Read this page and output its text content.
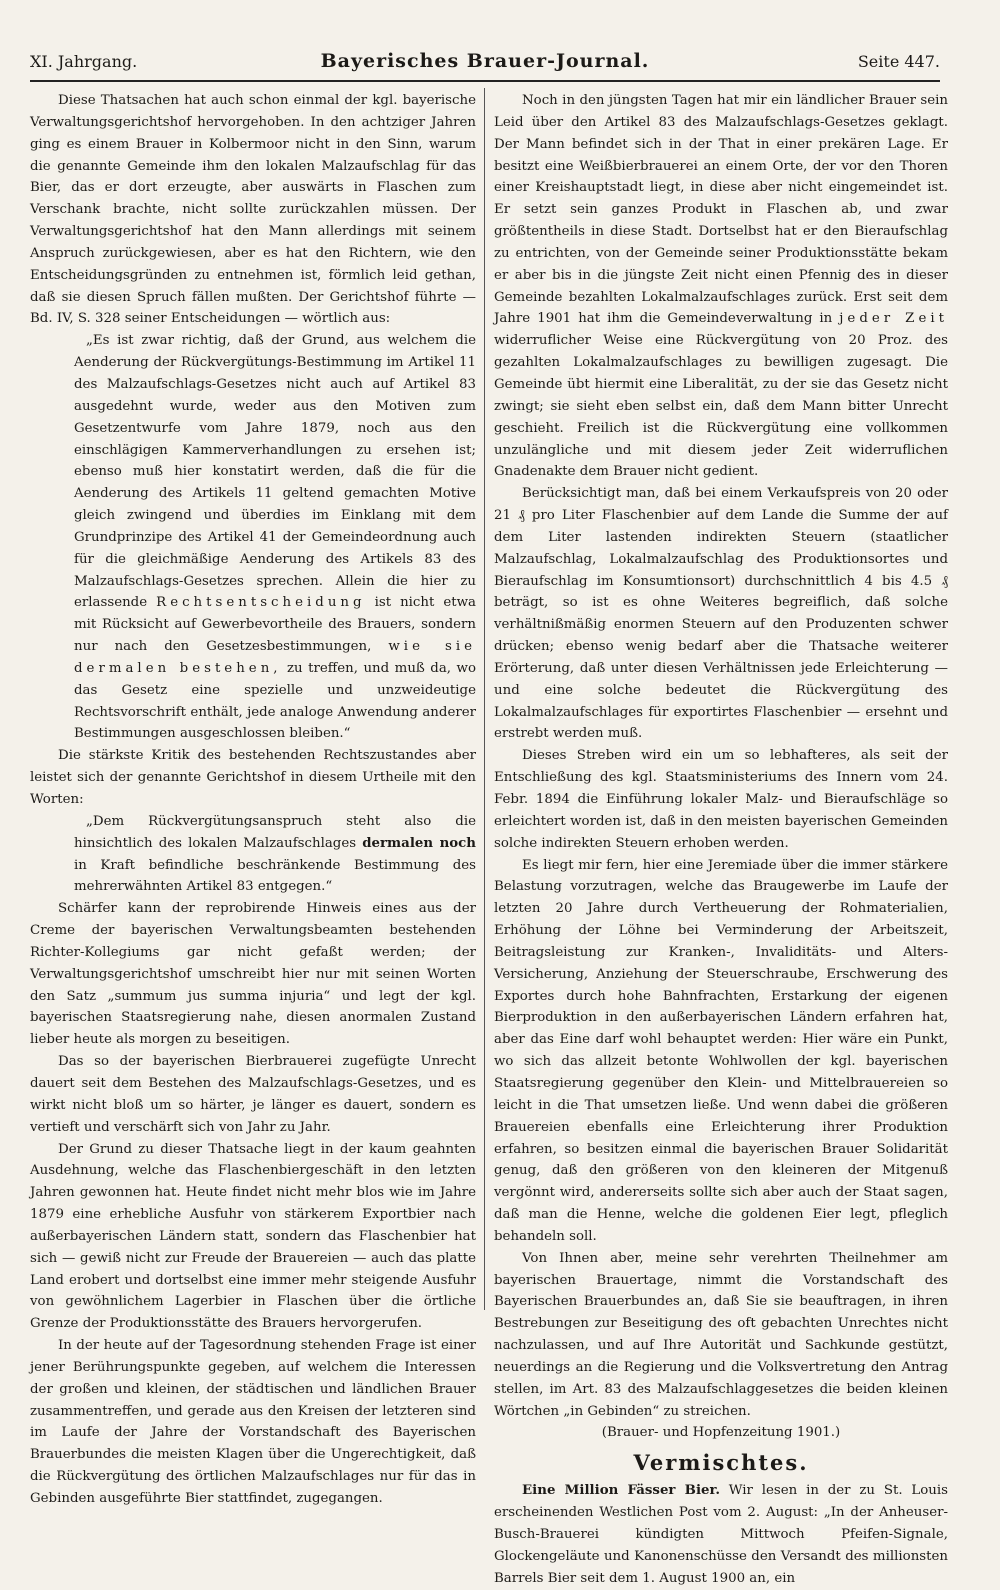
XI. Jahrgang.	Bayerisches Brauer-Journal.	Seite 447.

Diese Thatsachen hat auch schon einmal der kgl. bayerische Verwaltungsgerichtshof hervorgehoben. In den achtziger Jahren ging es einem Brauer in Kolbermoor nicht in den Sinn, warum die genannte Gemeinde ihm den lokalen Malzaufschlag für das Bier, das er dort erzeugte, aber auswärts in Flaschen zum Verschank brachte, nicht sollte zurückzahlen müssen. Der Verwaltungsgerichtshof hat den Mann allerdings mit seinem Anspruch zurückgewiesen, aber es hat den Richtern, wie den Entscheidungsgründen zu entnehmen ist, förmlich leid gethan, daß sie diesen Spruch fällen mußten. Der Gerichtshof führte — Bd. IV, S. 328 seiner Entscheidungen — wörtlich aus:

„Es ist zwar richtig, daß der Grund, aus welchem die Aenderung der Rückvergütungs-Bestimmung im Artikel 11 des Malzaufschlags-Gesetzes nicht auch auf Artikel 83 ausgedehnt wurde, weder aus den Motiven zum Gesetzentwurfe vom Jahre 1879, noch aus den einschlägigen Kammerverhandlungen zu ersehen ist; ebenso muß hier konstatirt werden, daß die für die Aenderung des Artikels 11 geltend gemachten Motive gleich zwingend und überdies im Einklang mit dem Grundprinzipe des Artikel 41 der Gemeindeordnung auch für die gleichmäßige Aenderung des Artikels 83 des Malzaufschlags-Gesetzes sprechen. Allein die hier zu erlassende Rechtsentscheidung ist nicht etwa mit Rücksicht auf Gewerbevortheile des Brauers, sondern nur nach den Gesetzesbestimmungen, wie sie dermalen bestehen, zu treffen, und muß da, wo das Gesetz eine spezielle und unzweideutige Rechtsvorschrift enthält, jede analoge Anwendung anderer Bestimmungen ausgeschlossen bleiben.“

Die stärkste Kritik des bestehenden Rechtszustandes aber leistet sich der genannte Gerichtshof in diesem Urtheile mit den Worten:

„Dem Rückvergütungsanspruch steht also die hinsichtlich des lokalen Malzaufschlages dermalen noch in Kraft befindliche beschränkende Bestimmung des mehrerwähnten Artikel 83 entgegen.“

Schärfer kann der reprobirende Hinweis eines aus der Creme der bayerischen Verwaltungsbeamten bestehenden Richter-Kollegiums gar nicht gefaßt werden; der Verwaltungsgerichtshof umschreibt hier nur mit seinen Worten den Satz „summum jus summa injuria“ und legt der kgl. bayerischen Staatsregierung nahe, diesen anormalen Zustand lieber heute als morgen zu beseitigen.

Das so der bayerischen Bierbrauerei zugefügte Unrecht dauert seit dem Bestehen des Malzaufschlags-Gesetzes, und es wirkt nicht bloß um so härter, je länger es dauert, sondern es vertieft und verschärft sich von Jahr zu Jahr.

Der Grund zu dieser Thatsache liegt in der kaum geahnten Ausdehnung, welche das Flaschenbiergeschäft in den letzten Jahren gewonnen hat. Heute findet nicht mehr blos wie im Jahre 1879 eine erhebliche Ausfuhr von stärkerem Exportbier nach außerbayerischen Ländern statt, sondern das Flaschenbier hat sich — gewiß nicht zur Freude der Brauereien — auch das platte Land erobert und dortselbst eine immer mehr steigende Ausfuhr von gewöhnlichem Lagerbier in Flaschen über die örtliche Grenze der Produktionsstätte des Brauers hervorgerufen.

In der heute auf der Tagesordnung stehenden Frage ist einer jener Berührungspunkte gegeben, auf welchem die Interessen der großen und kleinen, der städtischen und ländlichen Brauer zusammentreffen, und gerade aus den Kreisen der letzteren sind im Laufe der Jahre der Vorstandschaft des Bayerischen Brauerbundes die meisten Klagen über die Ungerechtigkeit, daß die Rückvergütung des örtlichen Malzaufschlages nur für das in Gebinden ausgeführte Bier stattfindet, zugegangen.

Noch in den jüngsten Tagen hat mir ein ländlicher Brauer sein Leid über den Artikel 83 des Malzaufschlags-Gesetzes geklagt. Der Mann befindet sich in der That in einer prekären Lage. Er besitzt eine Weißbierbrauerei an einem Orte, der vor den Thoren einer Kreishauptstadt liegt, in diese aber nicht eingemeindet ist. Er setzt sein ganzes Produkt in Flaschen ab, und zwar größtentheils in diese Stadt. Dortselbst hat er den Bieraufschlag zu entrichten, von der Gemeinde seiner Produktionsstätte bekam er aber bis in die jüngste Zeit nicht einen Pfennig des in dieser Gemeinde bezahlten Lokalmalzaufschlages zurück. Erst seit dem Jahre 1901 hat ihm die Gemeindeverwaltung in jeder Zeit widerruflicher Weise eine Rückvergütung von 20 Proz. des gezahlten Lokalmalzaufschlages zu bewilligen zugesagt. Die Gemeinde übt hiermit eine Liberalität, zu der sie das Gesetz nicht zwingt; sie sieht eben selbst ein, daß dem Mann bitter Unrecht geschieht. Freilich ist die Rückvergütung eine vollkommen unzulängliche und mit diesem jeder Zeit widerruflichen Gnadenakte dem Brauer nicht gedient.

Berücksichtigt man, daß bei einem Verkaufspreis von 20 oder 21 ₰ pro Liter Flaschenbier auf dem Lande die Summe der auf dem Liter lastenden indirekten Steuern (staatlicher Malzaufschlag, Lokalmalzaufschlag des Produktionsortes und Bieraufschlag im Konsumtionsort) durchschnittlich 4 bis 4.5 ₰ beträgt, so ist es ohne Weiteres begreiflich, daß solche verhältnißmäßig enormen Steuern auf den Produzenten schwer drücken; ebenso wenig bedarf aber die Thatsache weiterer Erörterung, daß unter diesen Verhältnissen jede Erleichterung — und eine solche bedeutet die Rückvergütung des Lokalmalzaufschlages für exportirtes Flaschenbier — ersehnt und erstrebt werden muß.

Dieses Streben wird ein um so lebhafteres, als seit der Entschließung des kgl. Staatsministeriums des Innern vom 24. Febr. 1894 die Einführung lokaler Malz- und Bieraufschläge so erleichtert worden ist, daß in den meisten bayerischen Gemeinden solche indirekten Steuern erhoben werden.

Es liegt mir fern, hier eine Jeremiade über die immer stärkere Belastung vorzutragen, welche das Braugewerbe im Laufe der letzten 20 Jahre durch Vertheuerung der Rohmaterialien, Erhöhung der Löhne bei Verminderung der Arbeitszeit, Beitragsleistung zur Kranken-, Invaliditäts- und Alters-Versicherung, Anziehung der Steuerschraube, Erschwerung des Exportes durch hohe Bahnfrachten, Erstarkung der eigenen Bierproduktion in den außerbayerischen Ländern erfahren hat, aber das Eine darf wohl behauptet werden: Hier wäre ein Punkt, wo sich das allzeit betonte Wohlwollen der kgl. bayerischen Staatsregierung gegenüber den Klein- und Mittelbrauereien so leicht in die That umsetzen ließe. Und wenn dabei die größeren Brauereien ebenfalls eine Erleichterung ihrer Produktion erfahren, so besitzen einmal die bayerischen Brauer Solidarität genug, daß den größeren von den kleineren der Mitgenuß vergönnt wird, andererseits sollte sich aber auch der Staat sagen, daß man die Henne, welche die goldenen Eier legt, pfleglich behandeln soll.

Von Ihnen aber, meine sehr verehrten Theilnehmer am bayerischen Brauertage, nimmt die Vorstandschaft des Bayerischen Brauerbundes an, daß Sie sie beauftragen, in ihren Bestrebungen zur Beseitigung des oft gebachten Unrechtes nicht nachzulassen, und auf Ihre Autorität und Sachkunde gestützt, neuerdings an die Regierung und die Volksvertretung den Antrag stellen, im Art. 83 des Malzaufschlaggesetzes die beiden kleinen Wörtchen „in Gebinden“ zu streichen.

(Brauer- und Hopfenzeitung 1901.)

Vermischtes.

Eine Million Fässer Bier. Wir lesen in der zu St. Louis erscheinenden Westlichen Post vom 2. August: „In der Anheuser-Busch-Brauerei kündigten Mittwoch Pfeifen-Signale, Glockengeläute und Kanonenschüsse den Versandt des millionsten Barrels Bier seit dem 1. August 1900 an, ein
